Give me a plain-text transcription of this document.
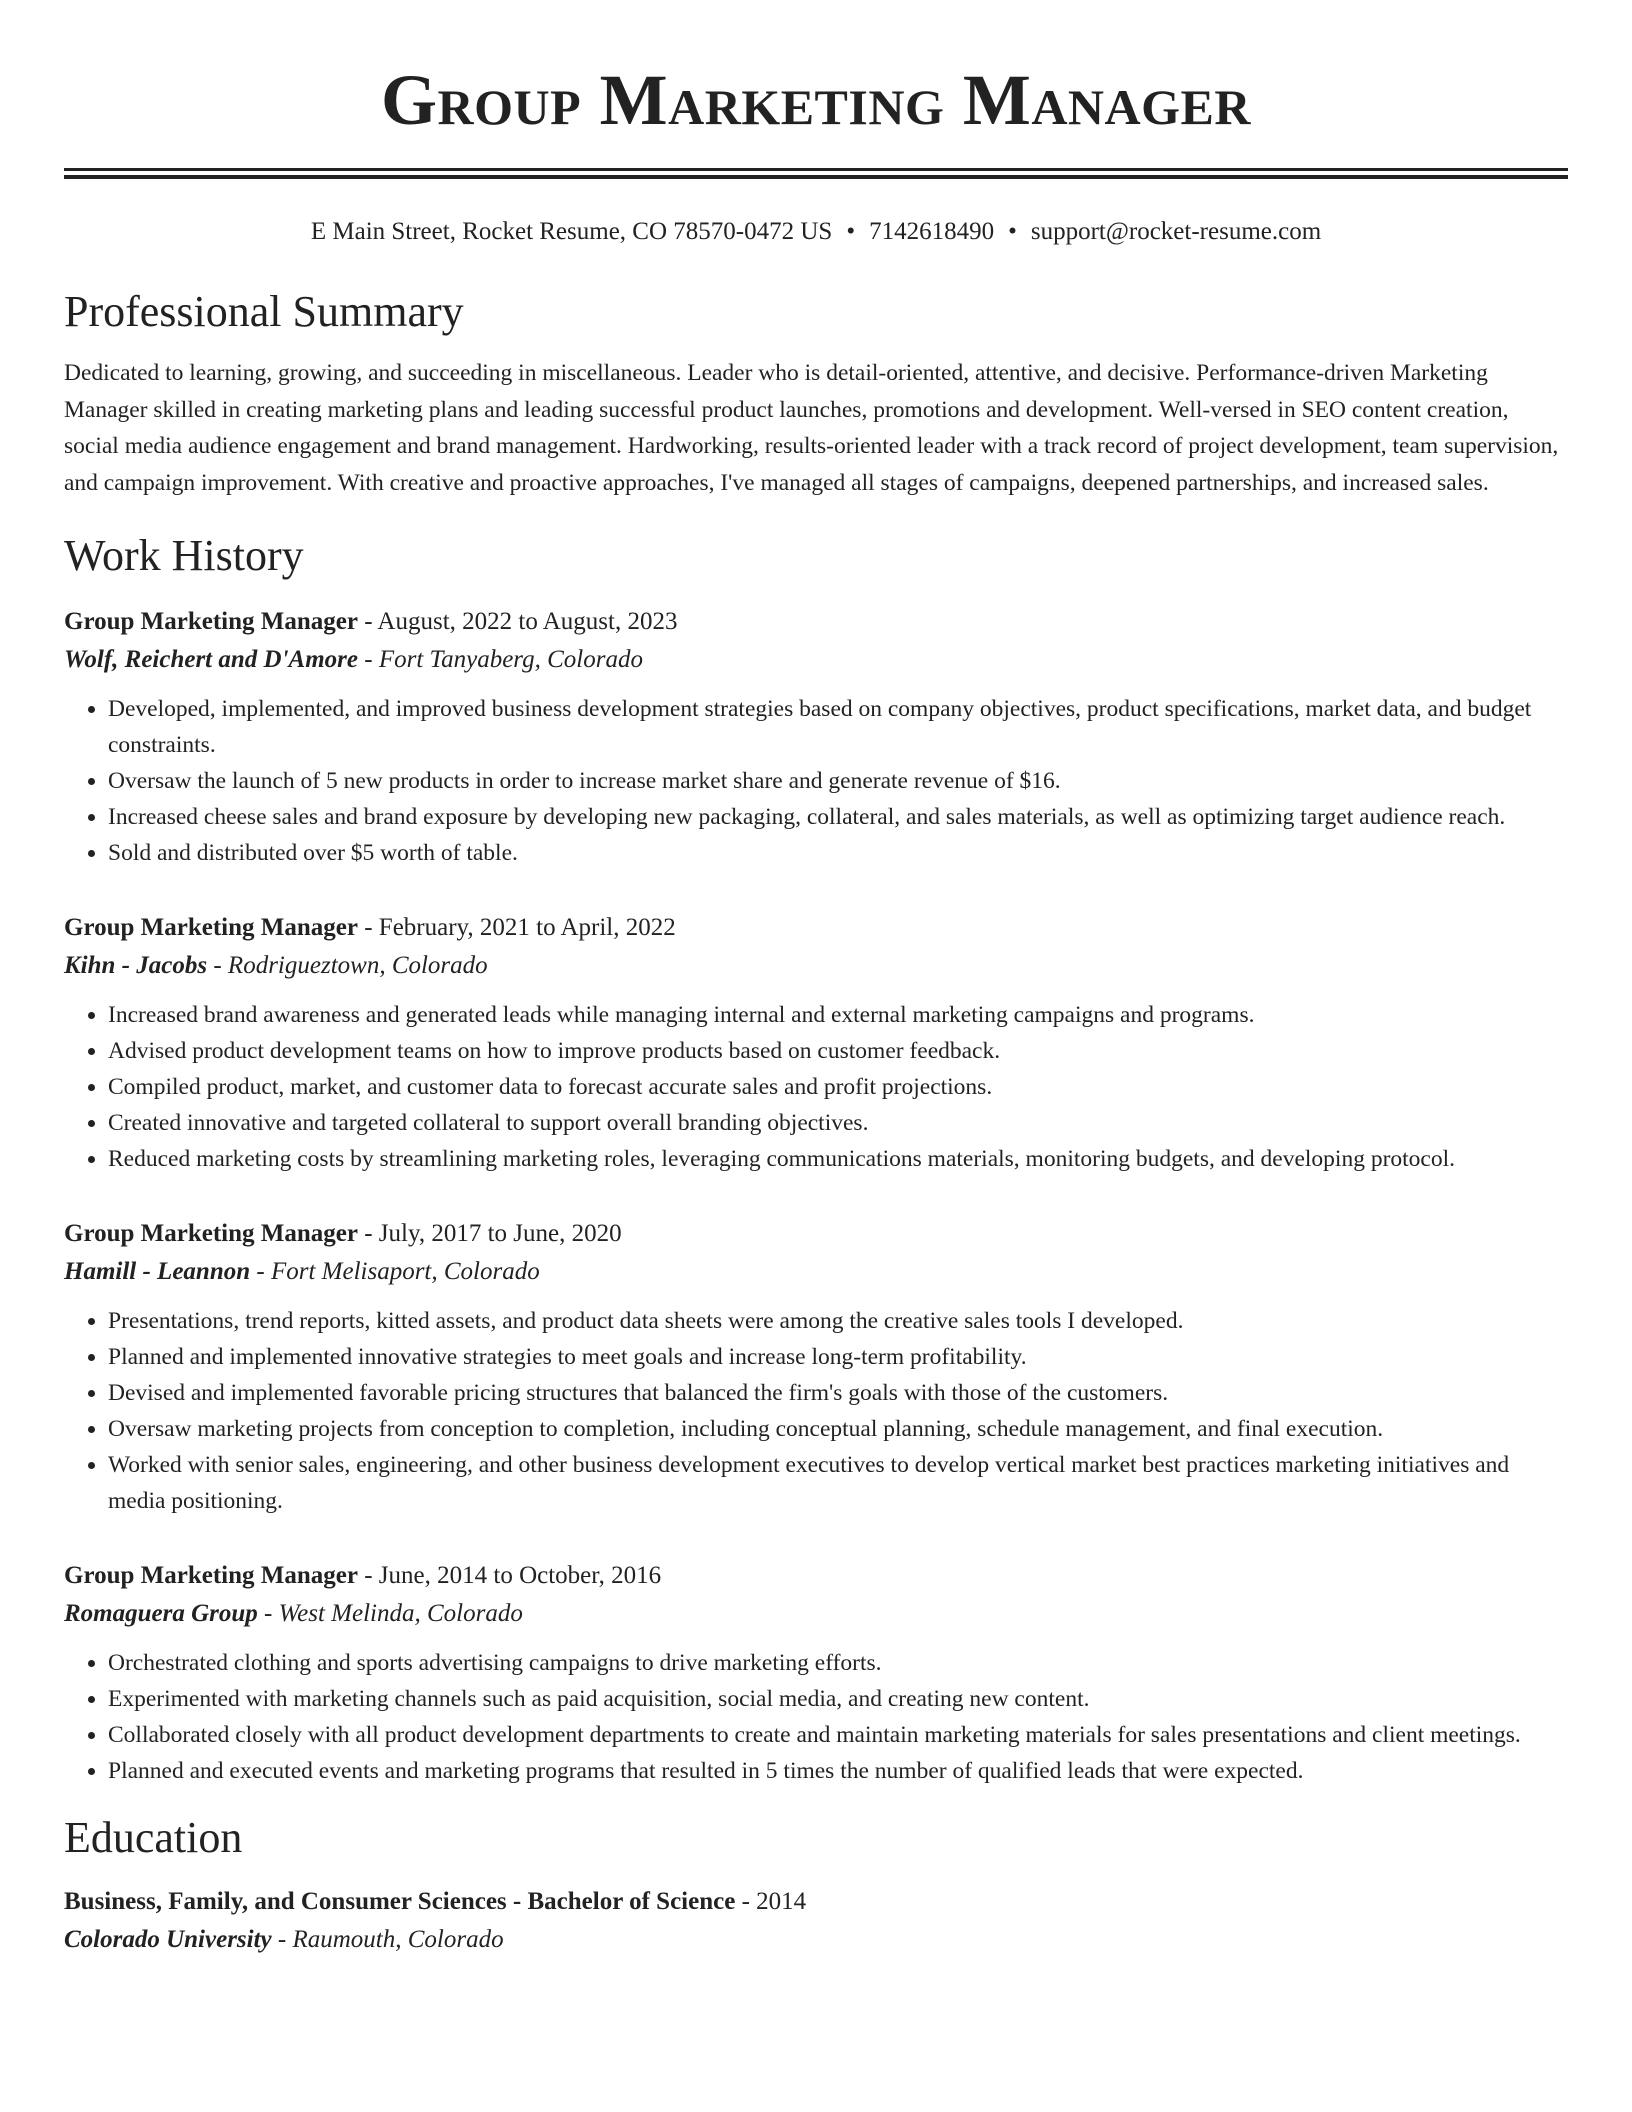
Group Marketing Manager
E Main Street, Rocket Resume, CO 78570-0472 US • 7142618490 • support@rocket-resume.com
Professional Summary

Dedicated to learning, growing, and succeeding in miscellaneous. Leader who is detail-oriented, attentive, and decisive. Performance-driven Marketing Manager skilled in creating marketing plans and leading successful product launches, promotions and development. Well-versed in SEO content creation, social media audience engagement and brand management. Hardworking, results-oriented leader with a track record of project development, team supervision, and campaign improvement. With creative and proactive approaches, I've managed all stages of campaigns, deepened partnerships, and increased sales.

Work History
Group Marketing Manager - August, 2022 to August, 2023
Wolf, Reichert and D'Amore - Fort Tanyaberg, Colorado
• Developed, implemented, and improved business development strategies based on company objectives, product specifications, market data, and budget constraints.
• Oversaw the launch of 5 new products in order to increase market share and generate revenue of $16.
• Increased cheese sales and brand exposure by developing new packaging, collateral, and sales materials, as well as optimizing target audience reach.
• Sold and distributed over $5 worth of table.
Group Marketing Manager - February, 2021 to April, 2022
Kihn - Jacobs - Rodrigueztown, Colorado
• Increased brand awareness and generated leads while managing internal and external marketing campaigns and programs.
• Advised product development teams on how to improve products based on customer feedback.
• Compiled product, market, and customer data to forecast accurate sales and profit projections.
• Created innovative and targeted collateral to support overall branding objectives.
• Reduced marketing costs by streamlining marketing roles, leveraging communications materials, monitoring budgets, and developing protocol.
Group Marketing Manager - July, 2017 to June, 2020
Hamill - Leannon - Fort Melisaport, Colorado
• Presentations, trend reports, kitted assets, and product data sheets were among the creative sales tools I developed.
• Planned and implemented innovative strategies to meet goals and increase long-term profitability.
• Devised and implemented favorable pricing structures that balanced the firm's goals with those of the customers.
• Oversaw marketing projects from conception to completion, including conceptual planning, schedule management, and final execution.
• Worked with senior sales, engineering, and other business development executives to develop vertical market best practices marketing initiatives and media positioning.
Group Marketing Manager - June, 2014 to October, 2016
Romaguera Group - West Melinda, Colorado
• Orchestrated clothing and sports advertising campaigns to drive marketing efforts.
• Experimented with marketing channels such as paid acquisition, social media, and creating new content.
• Collaborated closely with all product development departments to create and maintain marketing materials for sales presentations and client meetings.
• Planned and executed events and marketing programs that resulted in 5 times the number of qualified leads that were expected.
Education
Business, Family, and Consumer Sciences - Bachelor of Science - 2014
Colorado University - Raumouth, Colorado
